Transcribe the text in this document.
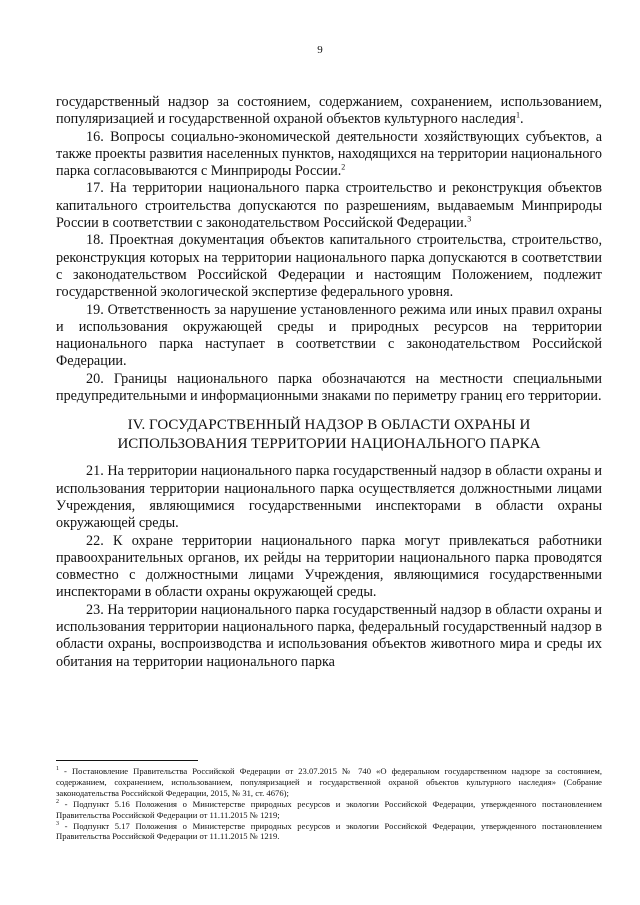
9

государственный надзор за состоянием, содержанием, сохранением, использованием, популяризацией и государственной охраной объектов культурного наследия$^1$.

16. Вопросы социально-экономической деятельности хозяйствующих субъектов, а также проекты развития населенных пунктов, находящихся на территории национального парка согласовываются с Минприроды России.$^2$

17. На территории национального парка строительство и реконструкция объектов капитального строительства допускаются по разрешениям, выдаваемым Минприроды России в соответствии с законодательством Российской Федерации.$^3$

18. Проектная документация объектов капитального строительства, строительство, реконструкция которых на территории национального парка допускаются в соответствии с законодательством Российской Федерации и настоящим Положением, подлежит государственной экологической экспертизе федерального уровня.

19. Ответственность за нарушение установленного режима или иных правил охраны и использования окружающей среды и природных ресурсов на территории национального парка наступает в соответствии с законодательством Российской Федерации.

20. Границы национального парка обозначаются на местности специальными предупредительными и информационными знаками по периметру границ его территории.

IV. ГОСУДАРСТВЕННЫЙ НАДЗОР В ОБЛАСТИ ОХРАНЫ И
ИСПОЛЬЗОВАНИЯ ТЕРРИТОРИИ НАЦИОНАЛЬНОГО ПАРКА

21. На территории национального парка государственный надзор в области охраны и использования территории национального парка осуществляется должностными лицами Учреждения, являющимися государственными инспекторами в области охраны окружающей среды.

22. К охране территории национального парка могут привлекаться работники правоохранительных органов, их рейды на территории национального парка проводятся совместно с должностными лицами Учреждения, являющимися государственными инспекторами в области охраны окружающей среды.

23. На территории национального парка государственный надзор в области охраны и использования территории национального парка, федеральный государственный надзор в области охраны, воспроизводства и использования объектов животного мира и среды их обитания на территории национального парка

$^1$ - Постановление Правительства Российской Федерации от 23.07.2015 № 740 «О федеральном государственном надзоре за состоянием, содержанием, сохранением, использованием, популяризацией и государственной охраной объектов культурного наследия» (Собрание законодательства Российской Федерации, 2015, № 31, ст. 4676);

$^2$ - Подпункт 5.16 Положения о Министерстве природных ресурсов и экологии Российской Федерации, утвержденного постановлением Правительства Российской Федерации от 11.11.2015 № 1219;

$^3$ - Подпункт 5.17 Положения о Министерстве природных ресурсов и экологии Российской Федерации, утвержденного постановлением Правительства Российской Федерации от 11.11.2015 № 1219.
